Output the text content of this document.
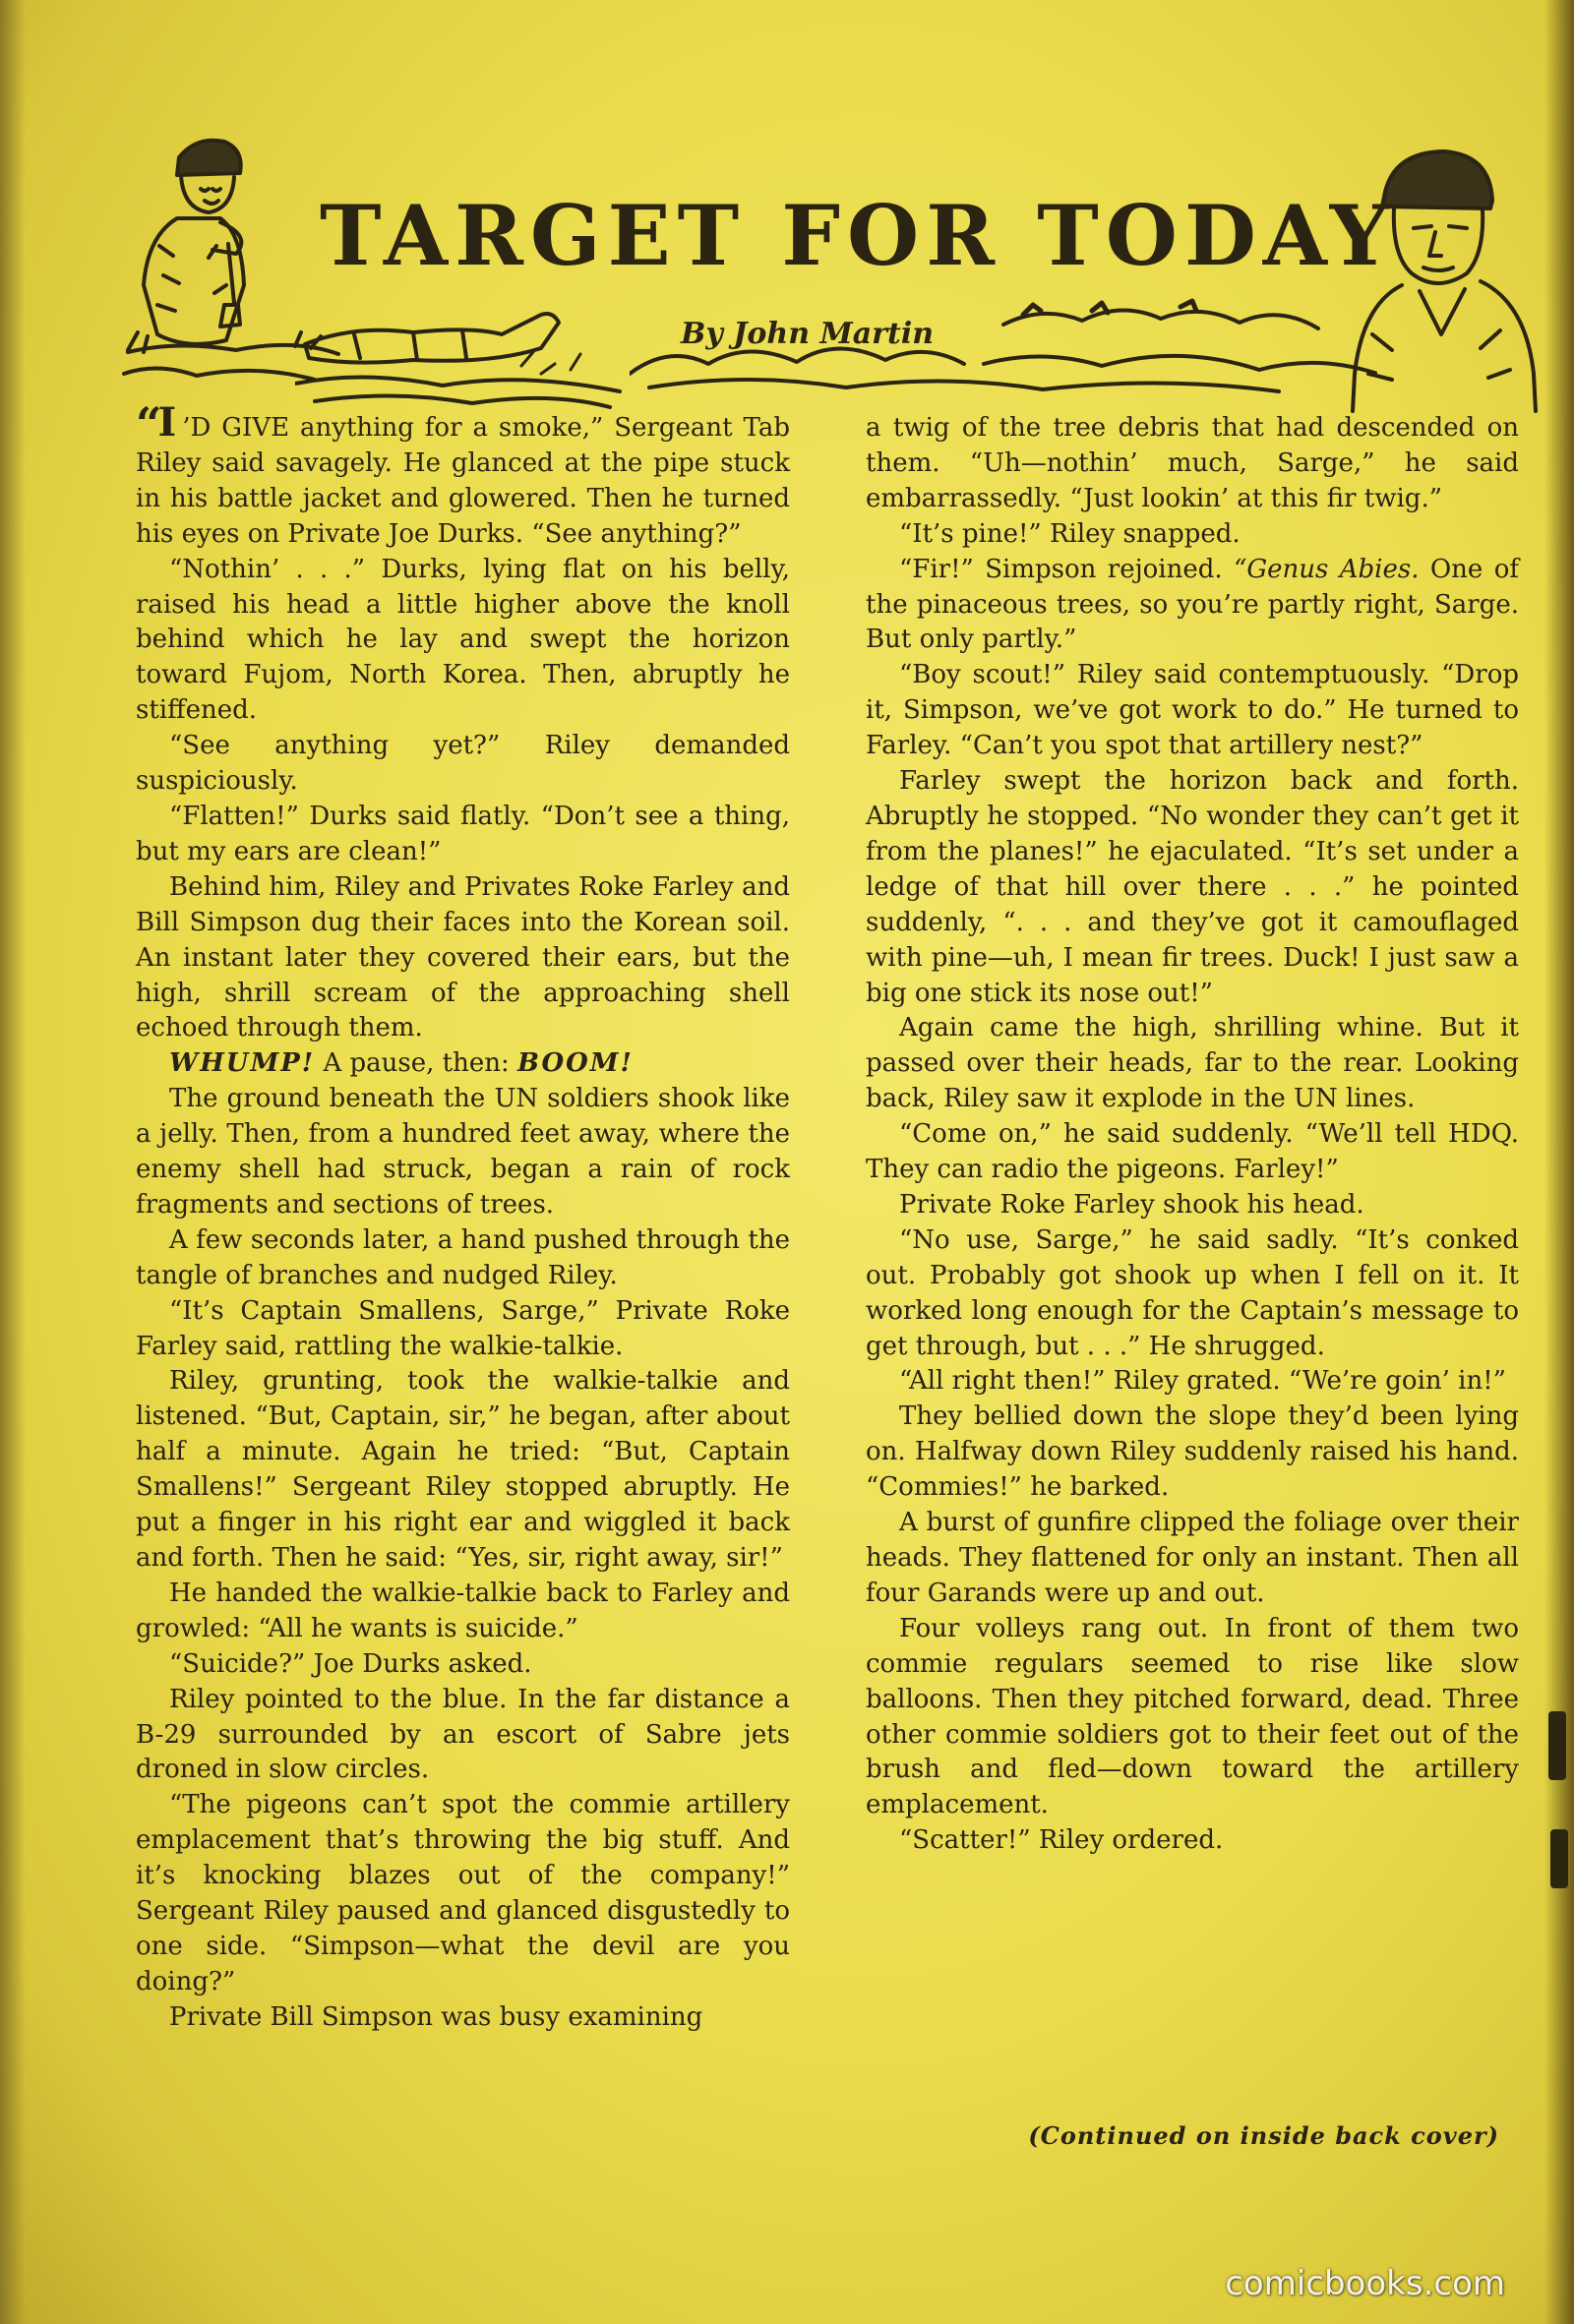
TARGET FOR TODAY
By John Martin

“I ’D GIVE anything for a smoke,” Sergeant Tab Riley said savagely. He glanced at the pipe stuck in his battle jacket and glowered. Then he turned his eyes on Private Joe Durks. “See anything?”

“Nothin’ . . .” Durks, lying flat on his belly, raised his head a little higher above the knoll behind which he lay and swept the horizon toward Fujom, North Korea. Then, abruptly he stiffened.

“See anything yet?” Riley demanded suspiciously.

“Flatten!” Durks said flatly. “Don’t see a thing, but my ears are clean!”

Behind him, Riley and Privates Roke Farley and Bill Simpson dug their faces into the Korean soil. An instant later they covered their ears, but the high, shrill scream of the approaching shell echoed through them.

WHUMP! A pause, then: BOOM!

The ground beneath the UN soldiers shook like a jelly. Then, from a hundred feet away, where the enemy shell had struck, began a rain of rock fragments and sections of trees.

A few seconds later, a hand pushed through the tangle of branches and nudged Riley.

“It’s Captain Smallens, Sarge,” Private Roke Farley said, rattling the walkie-talkie.

Riley, grunting, took the walkie-talkie and listened. “But, Captain, sir,” he began, after about half a minute. Again he tried: “But, Captain Smallens!” Sergeant Riley stopped abruptly. He put a finger in his right ear and wiggled it back and forth. Then he said: “Yes, sir, right away, sir!”

He handed the walkie-talkie back to Farley and growled: “All he wants is suicide.”

“Suicide?” Joe Durks asked.

Riley pointed to the blue. In the far distance a B-29 surrounded by an escort of Sabre jets droned in slow circles.

“The pigeons can’t spot the commie artillery emplacement that’s throwing the big stuff. And it’s knocking blazes out of the company!” Sergeant Riley paused and glanced disgustedly to one side. “Simpson—what the devil are you doing?”

Private Bill Simpson was busy examining

a twig of the tree debris that had descended on them. “Uh—nothin’ much, Sarge,” he said embarrassedly. “Just lookin’ at this fir twig.”

“It’s pine!” Riley snapped.

“Fir!” Simpson rejoined. “Genus Abies. One of the pinaceous trees, so you’re partly right, Sarge. But only partly.”

“Boy scout!” Riley said contemptuously. “Drop it, Simpson, we’ve got work to do.” He turned to Farley. “Can’t you spot that artillery nest?”

Farley swept the horizon back and forth. Abruptly he stopped. “No wonder they can’t get it from the planes!” he ejaculated. “It’s set under a ledge of that hill over there . . .” he pointed suddenly, “. . . and they’ve got it camouflaged with pine—uh, I mean fir trees. Duck! I just saw a big one stick its nose out!”

Again came the high, shrilling whine. But it passed over their heads, far to the rear. Looking back, Riley saw it explode in the UN lines.

“Come on,” he said suddenly. “We’ll tell HDQ. They can radio the pigeons. Farley!”

Private Roke Farley shook his head.

“No use, Sarge,” he said sadly. “It’s conked out. Probably got shook up when I fell on it. It worked long enough for the Captain’s message to get through, but . . .” He shrugged.

“All right then!” Riley grated. “We’re goin’ in!”

They bellied down the slope they’d been lying on. Halfway down Riley suddenly raised his hand. “Commies!” he barked.

A burst of gunfire clipped the foliage over their heads. They flattened for only an instant. Then all four Garands were up and out.

Four volleys rang out. In front of them two commie regulars seemed to rise like slow balloons. Then they pitched forward, dead. Three other commie soldiers got to their feet out of the brush and fled—down toward the artillery emplacement.

“Scatter!” Riley ordered.

(Continued on inside back cover)
comicbooks.com
